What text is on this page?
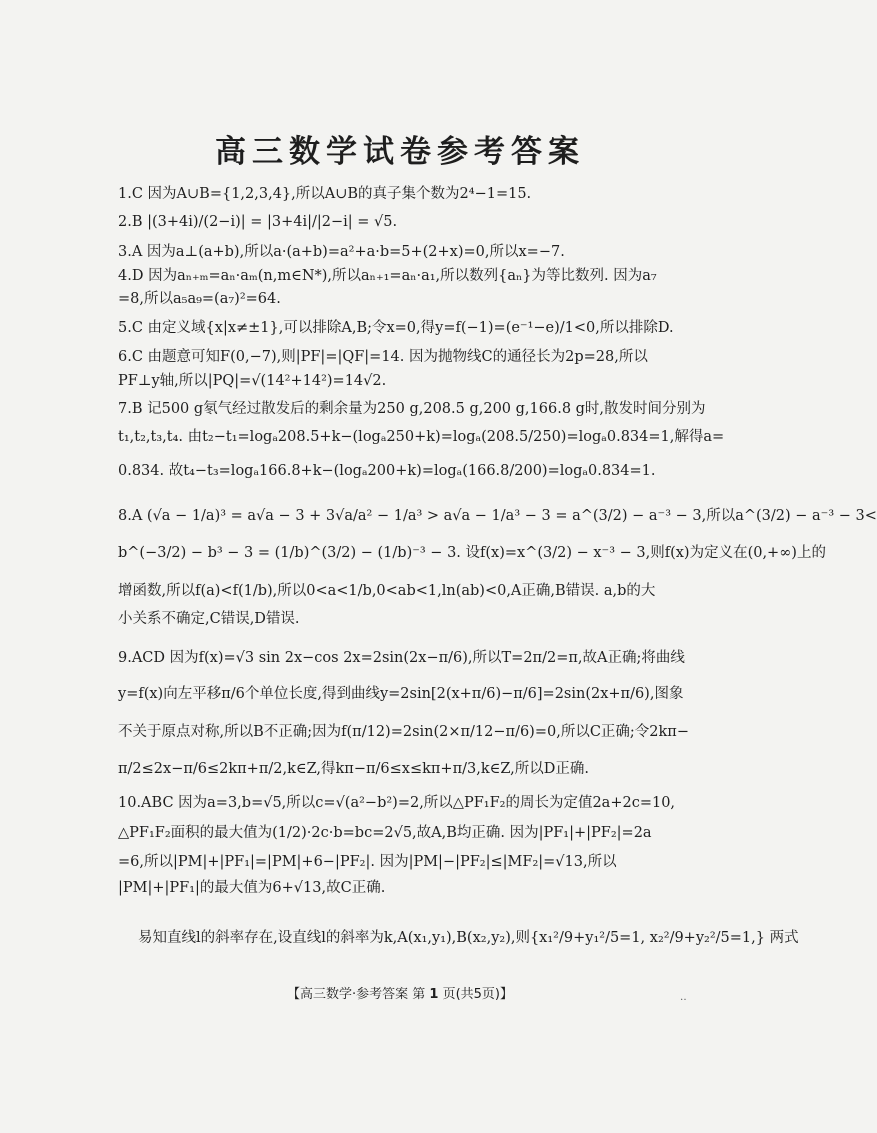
高三数学试卷参考答案
1.C 因为A∪B={1,2,3,4},所以A∪B的真子集个数为2⁴−1=15.
2.B |(3+4i)/(2−i)| = |3+4i|/|2−i| = √5.
3.A 因为a⊥(a+b),所以a·(a+b)=a²+a·b=5+(2+x)=0,所以x=−7.
4.D 因为aₙ₊ₘ=aₙ·aₘ(n,m∈N*),所以aₙ₊₁=aₙ·a₁,所以数列{aₙ}为等比数列. 因为a₇
=8,所以a₅a₉=(a₇)²=64.
5.C 由定义域{x|x≠±1},可以排除A,B;令x=0,得y=f(−1)=(e⁻¹−e)/1<0,所以排除D.
6.C 由题意可知F(0,−7),则|PF|=|QF|=14. 因为抛物线C的通径长为2p=28,所以
PF⊥y轴,所以|PQ|=√(14²+14²)=14√2.
7.B 记500 g氡气经过散发后的剩余量为250 g,208.5 g,200 g,166.8 g时,散发时间分别为
t₁,t₂,t₃,t₄. 由t₂−t₁=logₐ208.5+k−(logₐ250+k)=logₐ(208.5/250)=logₐ0.834=1,解得a=
0.834. 故t₄−t₃=logₐ166.8+k−(logₐ200+k)=logₐ(166.8/200)=logₐ0.834=1.
8.A (√a − 1/a)³ = a√a − 3 + 3√a/a² − 1/a³ > a√a − 1/a³ − 3 = a^(3/2) − a⁻³ − 3,所以a^(3/2) − a⁻³ − 3<
b^(−3/2) − b³ − 3 = (1/b)^(3/2) − (1/b)⁻³ − 3. 设f(x)=x^(3/2) − x⁻³ − 3,则f(x)为定义在(0,+∞)上的
增函数,所以f(a)<f(1/b),所以0<a<1/b,0<ab<1,ln(ab)<0,A正确,B错误. a,b的大
小关系不确定,C错误,D错误.
9.ACD 因为f(x)=√3 sin 2x−cos 2x=2sin(2x−π/6),所以T=2π/2=π,故A正确;将曲线
y=f(x)向左平移π/6个单位长度,得到曲线y=2sin[2(x+π/6)−π/6]=2sin(2x+π/6),图象
不关于原点对称,所以B不正确;因为f(π/12)=2sin(2×π/12−π/6)=0,所以C正确;令2kπ−
π/2≤2x−π/6≤2kπ+π/2,k∈Z,得kπ−π/6≤x≤kπ+π/3,k∈Z,所以D正确.
10.ABC 因为a=3,b=√5,所以c=√(a²−b²)=2,所以△PF₁F₂的周长为定值2a+2c=10,
△PF₁F₂面积的最大值为(1/2)·2c·b=bc=2√5,故A,B均正确. 因为|PF₁|+|PF₂|=2a
=6,所以|PM|+|PF₁|=|PM|+6−|PF₂|. 因为|PM|−|PF₂|≤|MF₂|=√13,所以
|PM|+|PF₁|的最大值为6+√13,故C正确.
易知直线l的斜率存在,设直线l的斜率为k,A(x₁,y₁),B(x₂,y₂),则{x₁²/9+y₁²/5=1, x₂²/9+y₂²/5=1,} 两式
【高三数学·参考答案 第 1 页(共5页)】	‥
